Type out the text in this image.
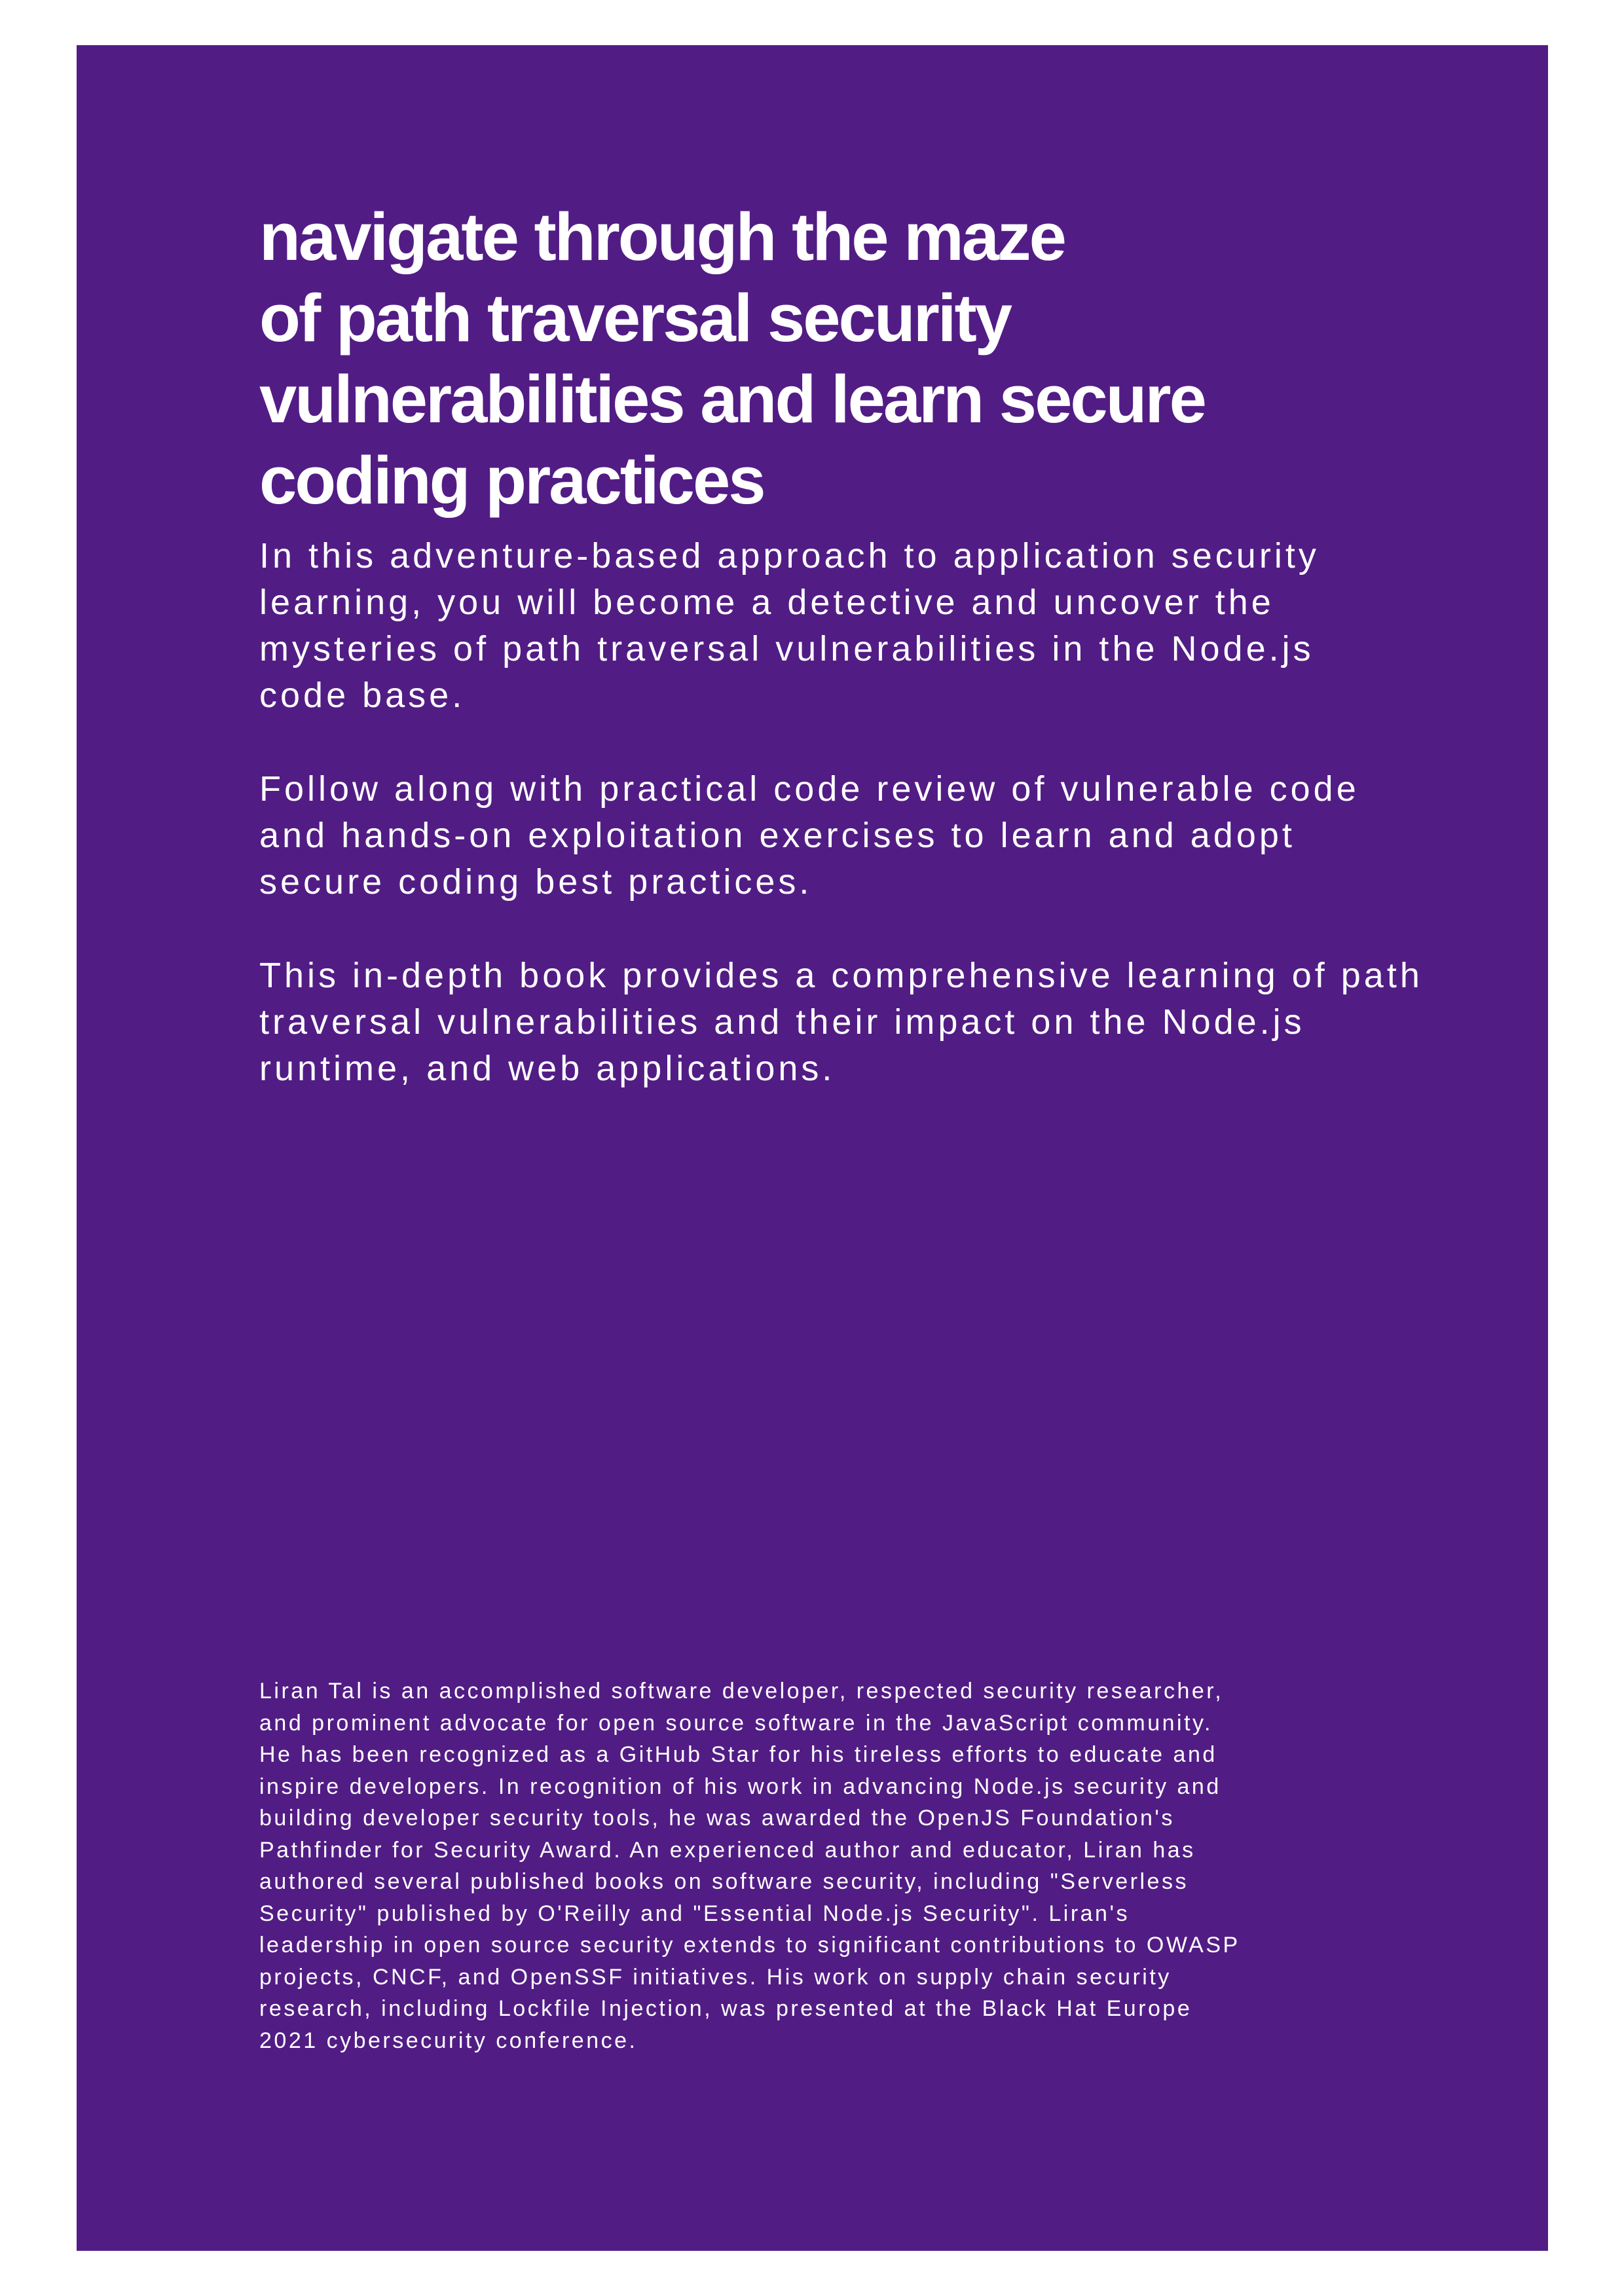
navigate through the maze
of path traversal security
vulnerabilities and learn secure
coding practices

In this adventure-based approach to application security
learning, you will become a detective and uncover the
mysteries of path traversal vulnerabilities in the Node.js
code base.

Follow along with practical code review of vulnerable code
and hands-on exploitation exercises to learn and adopt
secure coding best practices.

This in-depth book provides a comprehensive learning of path
traversal vulnerabilities and their impact on the Node.js
runtime, and web applications.

Liran Tal is an accomplished software developer, respected security researcher,
and prominent advocate for open source software in the JavaScript community.
He has been recognized as a GitHub Star for his tireless efforts to educate and
inspire developers. In recognition of his work in advancing Node.js security and
building developer security tools, he was awarded the OpenJS Foundation's
Pathfinder for Security Award. An experienced author and educator, Liran has
authored several published books on software security, including "Serverless
Security" published by O'Reilly and "Essential Node.js Security". Liran's
leadership in open source security extends to significant contributions to OWASP
projects, CNCF, and OpenSSF initiatives. His work on supply chain security
research, including Lockfile Injection, was presented at the Black Hat Europe
2021 cybersecurity conference.
